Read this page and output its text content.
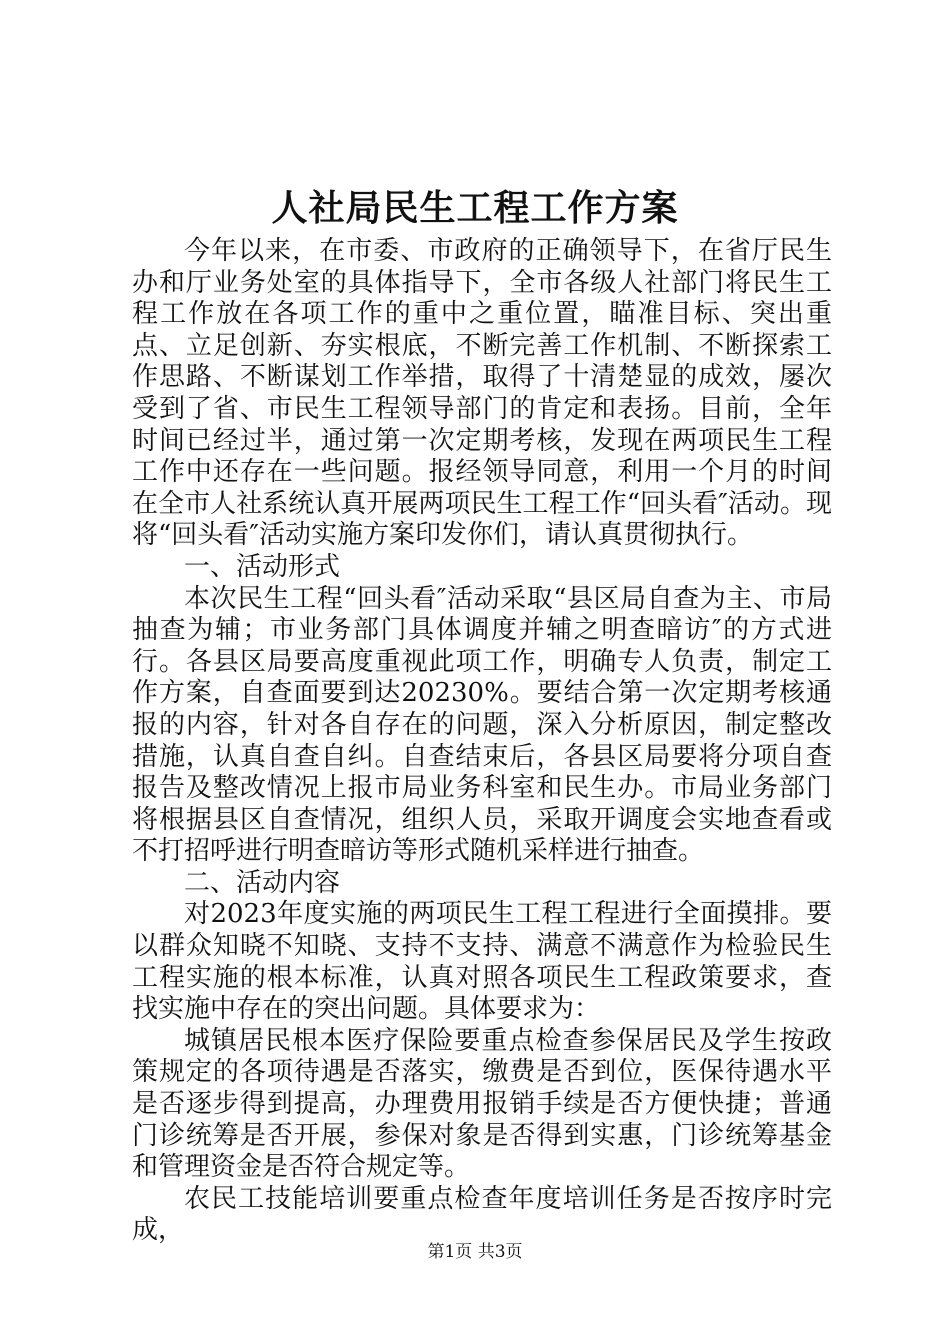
人社局民生工程工作方案

今年以来，在市委、市政府的正确领导下，在省厅民生办和厅业务处室的具体指导下，全市各级人社部门将民生工程工作放在各项工作的重中之重位置，瞄准目标、突出重点、立足创新、夯实根底，不断完善工作机制、不断探索工作思路、不断谋划工作举措，取得了十清楚显的成效，屡次受到了省、市民生工程领导部门的肯定和表扬。目前，全年时间已经过半，通过第一次定期考核，发现在两项民生工程工作中还存在一些问题。报经领导同意，利用一个月的时间在全市人社系统认真开展两项民生工程工作“回头看″活动。现将“回头看″活动实施方案印发你们，请认真贯彻执行。

一、活动形式

本次民生工程“回头看″活动采取“县区局自查为主、市局抽查为辅；市业务部门具体调度并辅之明查暗访″的方式进行。各县区局要高度重视此项工作，明确专人负责，制定工作方案，自查面要到达20230%。要结合第一次定期考核通报的内容，针对各自存在的问题，深入分析原因，制定整改措施，认真自查自纠。自查结束后，各县区局要将分项自查报告及整改情况上报市局业务科室和民生办。市局业务部门将根据县区自查情况，组织人员，采取开调度会实地查看或不打招呼进行明查暗访等形式随机采样进行抽查。

二、活动内容

对2023年度实施的两项民生工程工程进行全面摸排。要以群众知晓不知晓、支持不支持、满意不满意作为检验民生工程实施的根本标准，认真对照各项民生工程政策要求，查找实施中存在的突出问题。具体要求为：

城镇居民根本医疗保险要重点检查参保居民及学生按政策规定的各项待遇是否落实，缴费是否到位，医保待遇水平是否逐步得到提高，办理费用报销手续是否方便快捷；普通门诊统筹是否开展，参保对象是否得到实惠，门诊统筹基金和管理资金是否符合规定等。

农民工技能培训要重点检查年度培训任务是否按序时完成，

第1页 共3页
